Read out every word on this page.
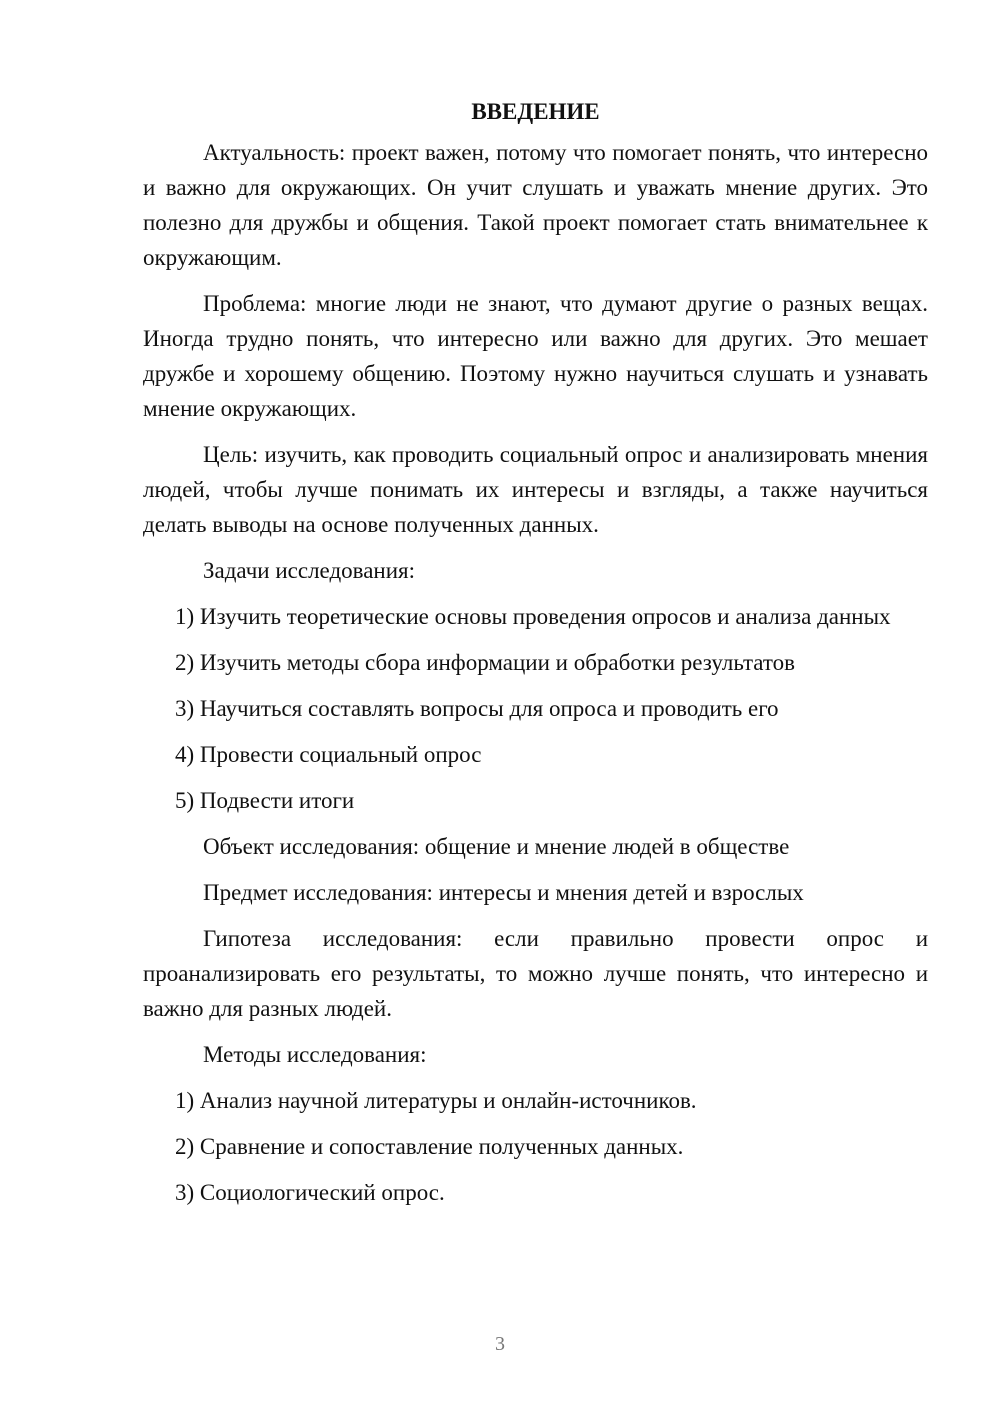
ВВЕДЕНИЕ

Актуальность: проект важен, потому что помогает понять, что интересно и важно для окружающих. Он учит слушать и уважать мнение других. Это полезно для дружбы и общения. Такой проект помогает стать внимательнее к окружающим.

Проблема: многие люди не знают, что думают другие о разных вещах. Иногда трудно понять, что интересно или важно для других. Это мешает дружбе и хорошему общению. Поэтому нужно научиться слушать и узнавать мнение окружающих.

Цель: изучить, как проводить социальный опрос и анализировать мнения людей, чтобы лучше понимать их интересы и взгляды, а также научиться делать выводы на основе полученных данных.

Задачи исследования:

1) Изучить теоретические основы проведения опросов и анализа данных

2) Изучить методы сбора информации и обработки результатов

3) Научиться составлять вопросы для опроса и проводить его

4) Провести социальный опрос

5) Подвести итоги

Объект исследования: общение и мнение людей в обществе

Предмет исследования: интересы и мнения детей и взрослых

Гипотеза исследования: если правильно провести опрос и проанализировать его результаты, то можно лучше понять, что интересно и важно для разных людей.

Методы исследования:

1) Анализ научной литературы и онлайн-источников.

2) Сравнение и сопоставление полученных данных.

3) Социологический опрос.

3
